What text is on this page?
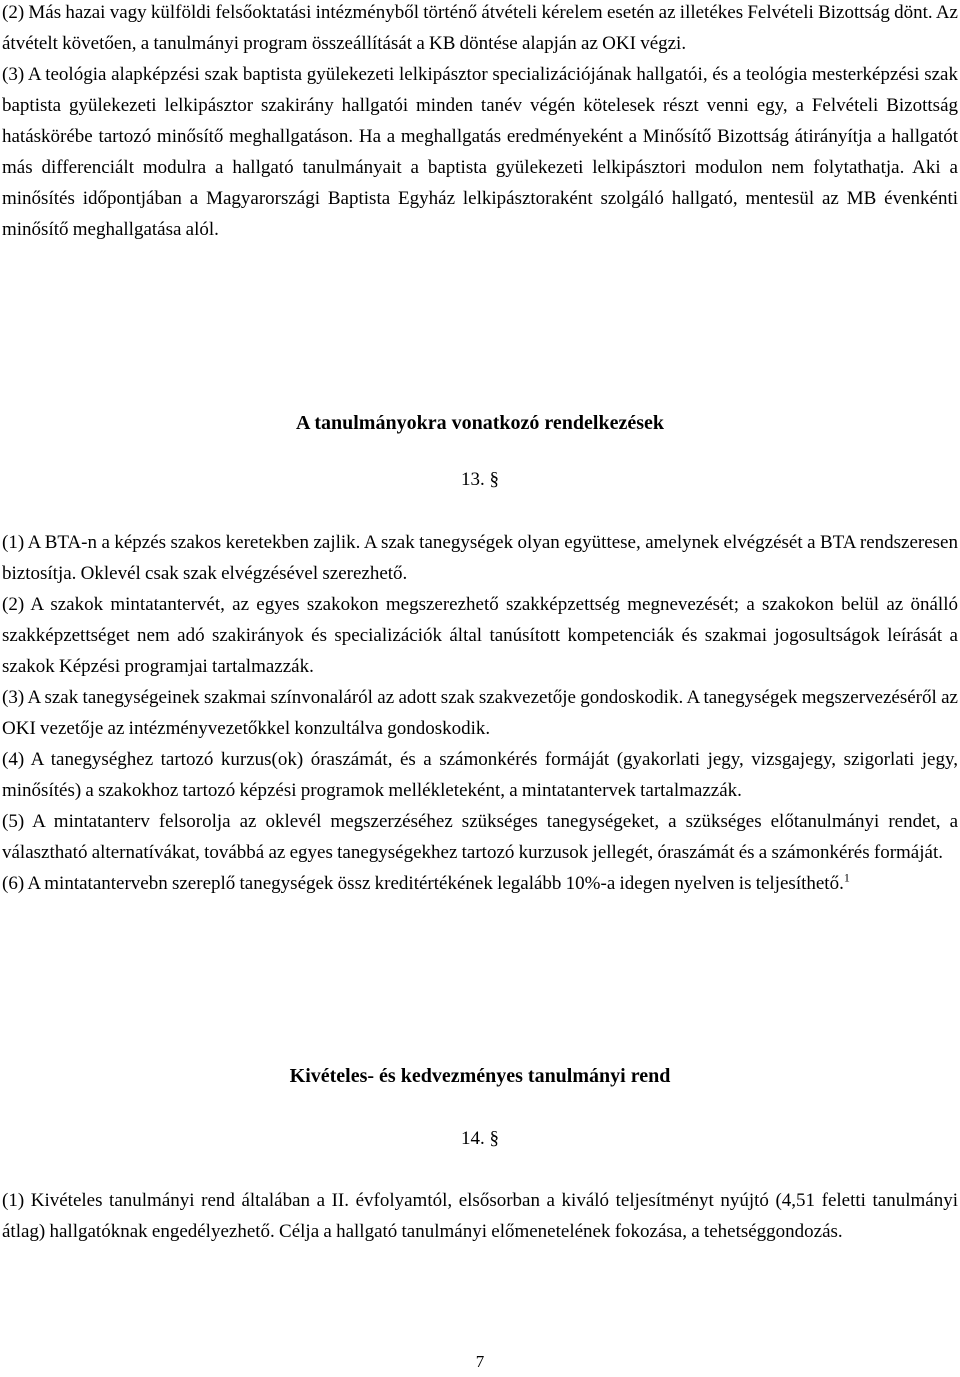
(2) Más hazai vagy külföldi felsőoktatási intézményből történő átvételi kérelem esetén az illetékes Felvételi Bizottság dönt. Az átvételt követően, a tanulmányi program összeállítását a KB döntése alapján az OKI végzi.

(3) A teológia alapképzési szak baptista gyülekezeti lelkipásztor specializációjának hallgatói, és a teológia mesterképzési szak baptista gyülekezeti lelkipásztor szakirány hallgatói minden tanév végén kötelesek részt venni egy, a Felvételi Bizottság hatáskörébe tartozó minősítő meghallgatáson. Ha a meghallgatás eredményeként a Minősítő Bizottság átirányítja a hallgatót más differenciált modulra a hallgató tanulmányait a baptista gyülekezeti lelkipásztori modulon nem folytathatja. Aki a minősítés időpontjában a Magyarországi Baptista Egyház lelkipásztoraként szolgáló hallgató, mentesül az MB évenkénti minősítő meghallgatása alól.

A tanulmányokra vonatkozó rendelkezések
13. §

(1) A BTA-n a képzés szakos keretekben zajlik. A szak tanegységek olyan együttese, amelynek elvégzését a BTA rendszeresen biztosítja. Oklevél csak szak elvégzésével szerezhető.

(2) A szakok mintatantervét, az egyes szakokon megszerezhető szakképzettség megnevezését; a szakokon belül az önálló szakképzettséget nem adó szakirányok és specializációk által tanúsított kompetenciák és szakmai jogosultságok leírását a szakok Képzési programjai tartalmazzák.

(3) A szak tanegységeinek szakmai színvonaláról az adott szak szakvezetője gondoskodik. A tanegységek megszervezéséről az OKI vezetője az intézményvezetőkkel konzultálva gondoskodik.

(4) A tanegységhez tartozó kurzus(ok) óraszámát, és a számonkérés formáját (gyakorlati jegy, vizsgajegy, szigorlati jegy, minősítés) a szakokhoz tartozó képzési programok mellékleteként, a mintatantervek tartalmazzák.

(5) A mintatanterv felsorolja az oklevél megszerzéséhez szükséges tanegységeket, a szükséges előtanulmányi rendet, a választható alternatívákat, továbbá az egyes tanegységekhez tartozó kurzusok jellegét, óraszámát és a számonkérés formáját.

(6) A mintatantervebn szereplő tanegységek össz kreditértékének legalább 10%-a idegen nyelven is teljesíthető.$^1$

Kivételes- és kedvezményes tanulmányi rend
14. §

(1) Kivételes tanulmányi rend általában a II. évfolyamtól, elsősorban a kiváló teljesítményt nyújtó (4,51 feletti tanulmányi átlag) hallgatóknak engedélyezhető. Célja a hallgató tanulmányi előmenetelének fokozása, a tehetséggondozás.

7
